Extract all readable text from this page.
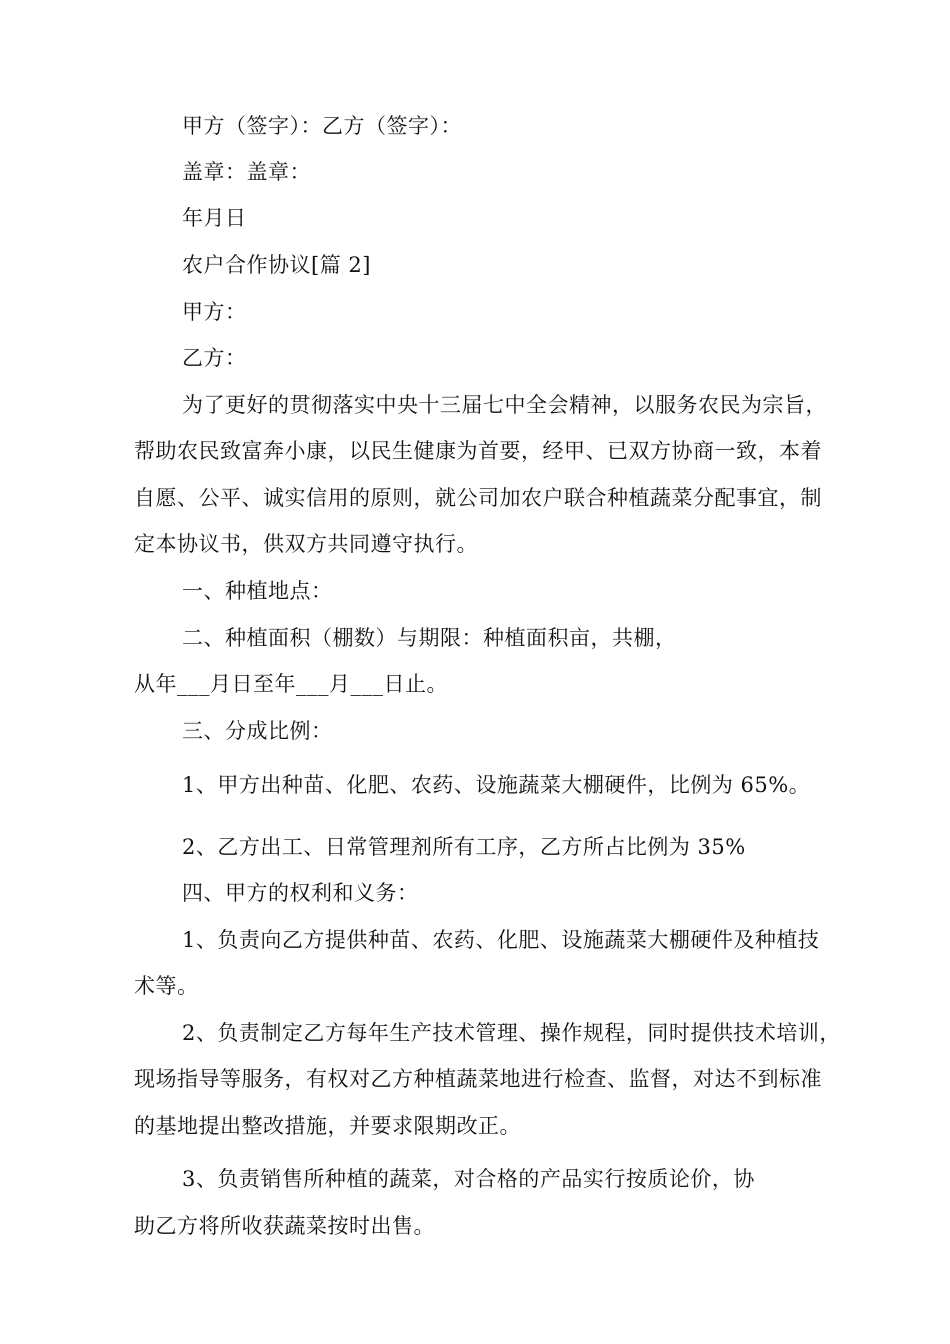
甲方（签字）：乙方（签字）：
盖章：盖章：
年月日
农户合作协议[篇 2]
甲方：
乙方：
为了更好的贯彻落实中央十三届七中全会精神，以服务农民为宗旨，
帮助农民致富奔小康，以民生健康为首要，经甲、已双方协商一致，本着
自愿、公平、诚实信用的原则，就公司加农户联合种植蔬菜分配事宜，制
定本协议书，供双方共同遵守执行。
一、种植地点：
二、种植面积（棚数）与期限：种植面积亩，共棚，
从年___月日至年___月___日止。
三、分成比例：
1、甲方出种苗、化肥、农药、设施蔬菜大棚硬件，比例为 65%。
2、乙方出工、日常管理剂所有工序，乙方所占比例为 35%
四、甲方的权利和义务：
1、负责向乙方提供种苗、农药、化肥、设施蔬菜大棚硬件及种植技
术等。
2、负责制定乙方每年生产技术管理、操作规程，同时提供技术培训，
现场指导等服务，有权对乙方种植蔬菜地进行检查、监督，对达不到标准
的基地提出整改措施，并要求限期改正。
3、负责销售所种植的蔬菜，对合格的产品实行按质论价，协
助乙方将所收获蔬菜按时出售。
